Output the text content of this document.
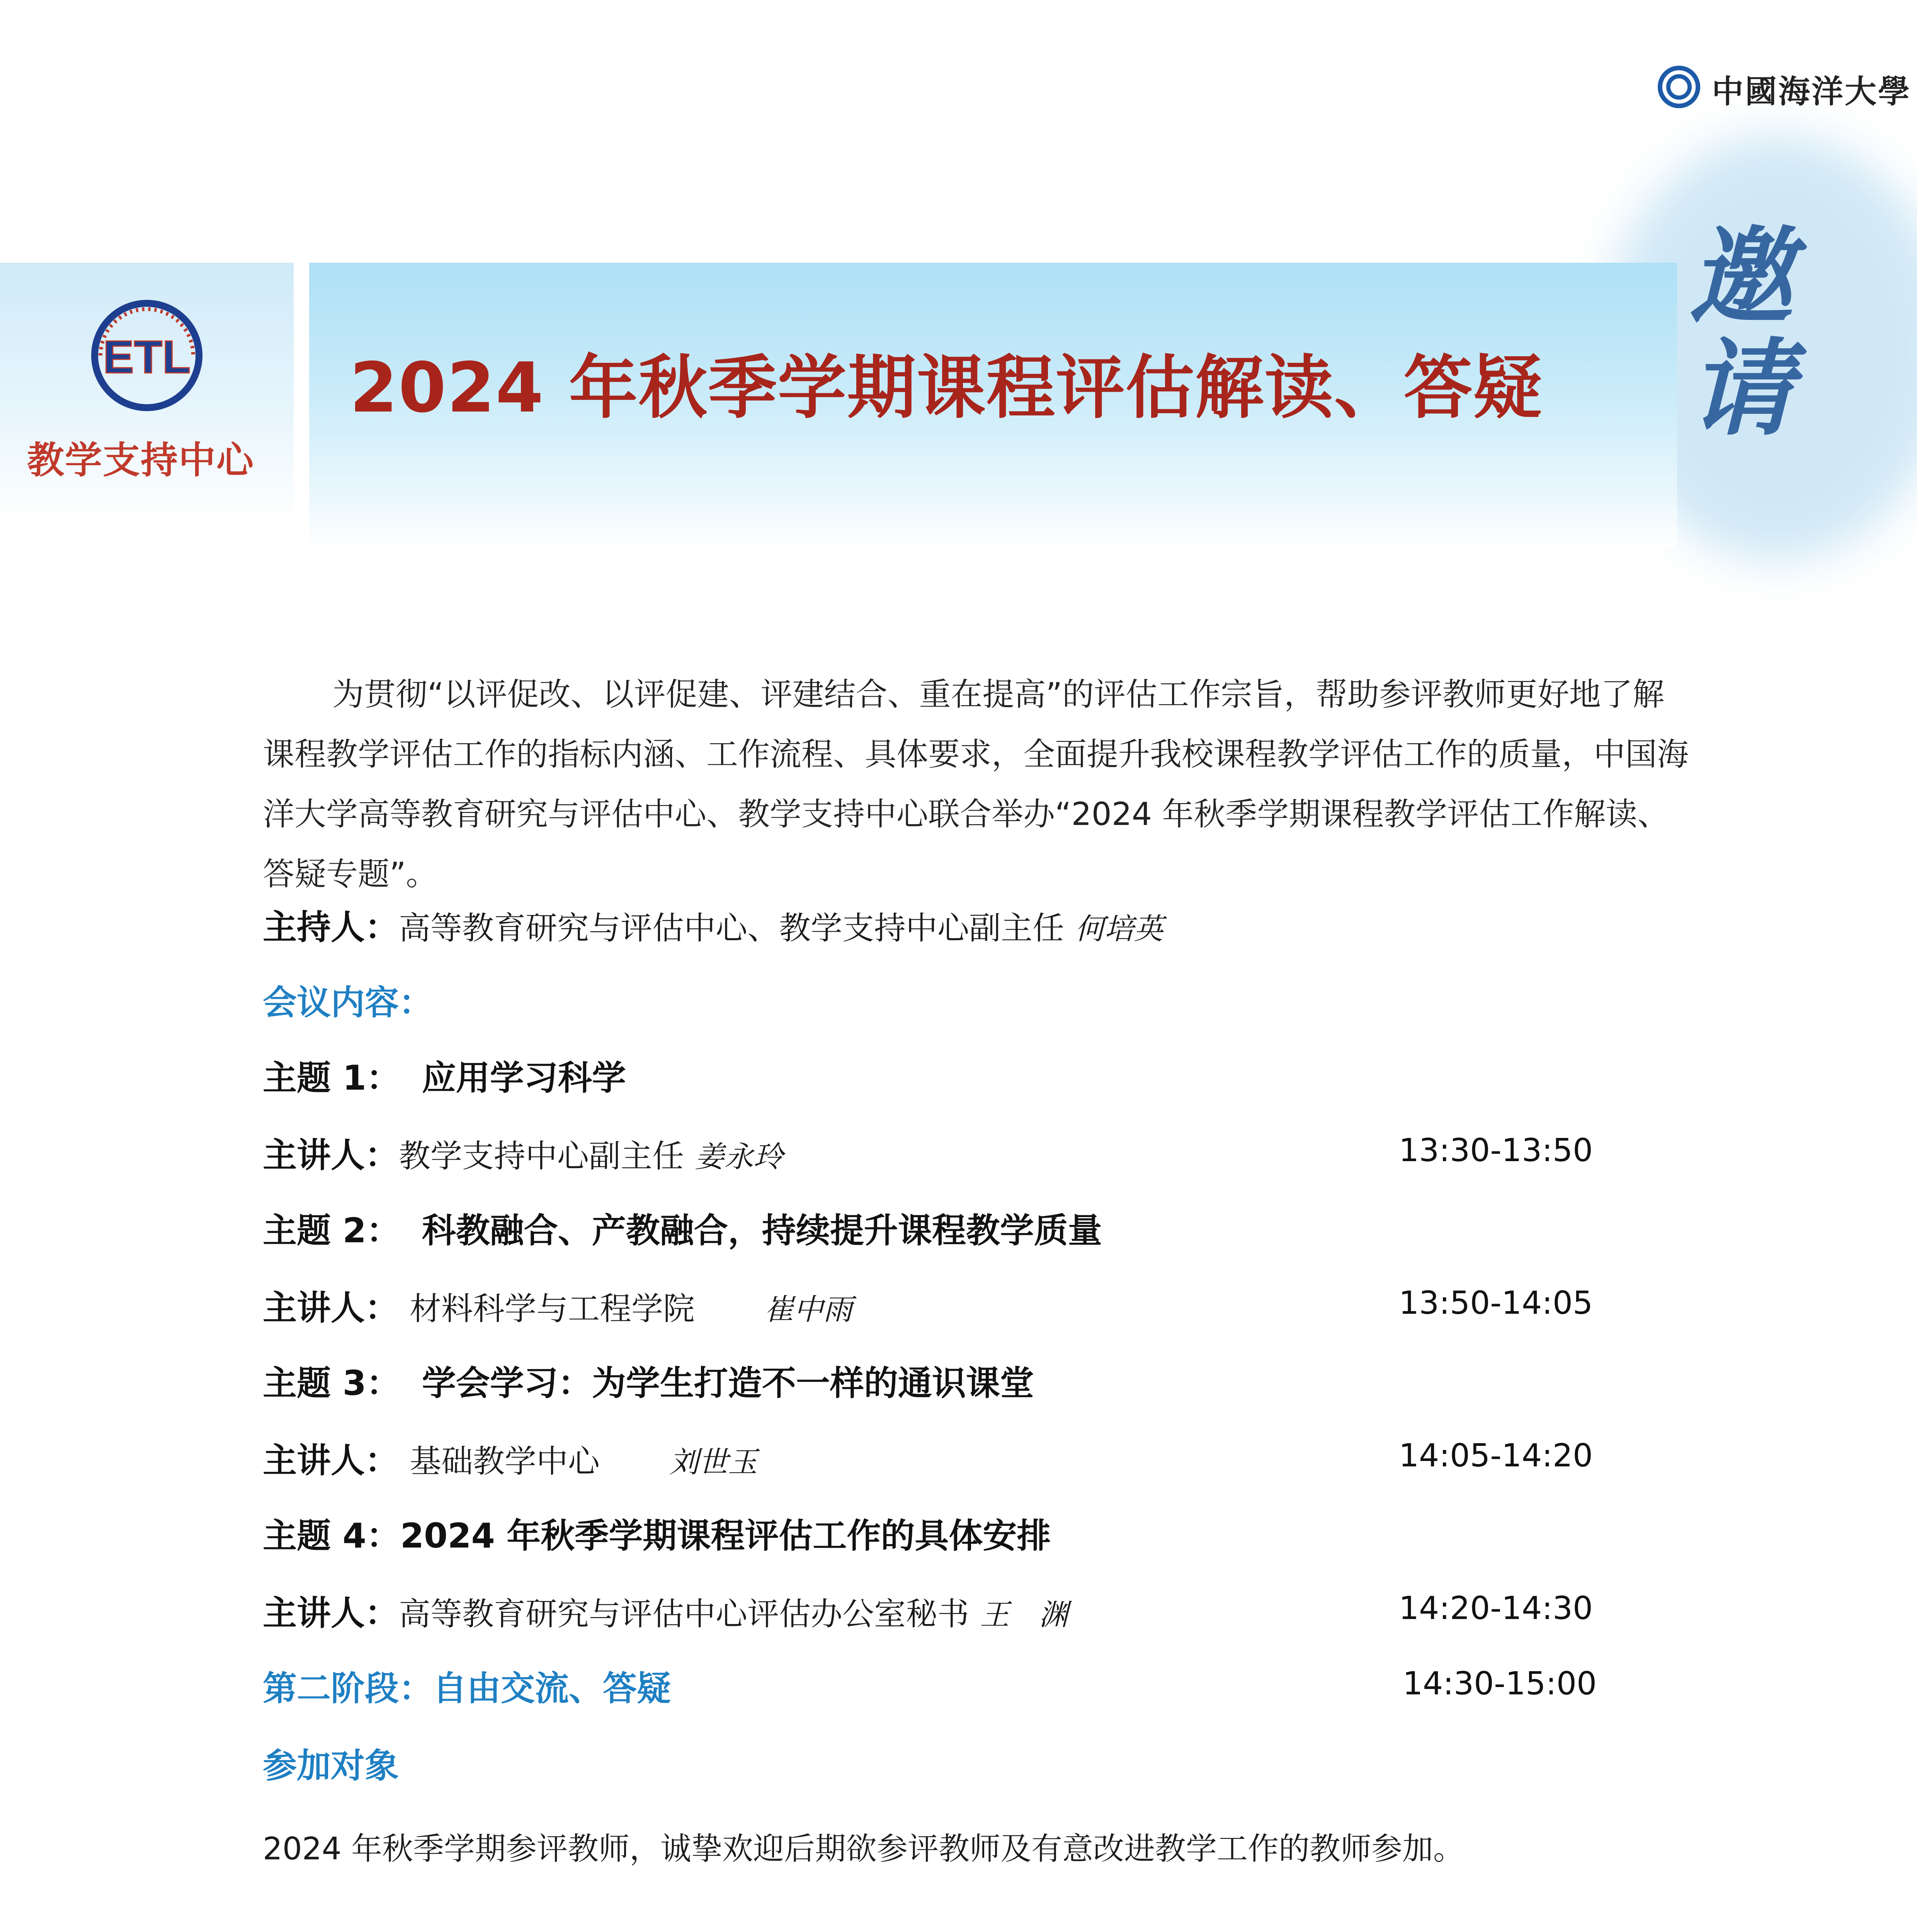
中國海洋大學
ETL
教学支持中心
2024 年秋季学期课程评估解读、答疑
邀请
为贯彻“以评促改、以评促建、评建结合、重在提高”的评估工作宗旨，帮助参评教师更好地了解课程教学评估工作的指标内涵、工作流程、具体要求，全面提升我校课程教学评估工作的质量，中国海洋大学高等教育研究与评估中心、教学支持中心联合举办“2024 年秋季学期课程教学评估工作解读、答疑专题”。
主持人：高等教育研究与评估中心、教学支持中心副主任 何培英
会议内容：
主题 1： 应用学习科学
主讲人：教学支持中心副主任 姜永玲	13:30-13:50
主题 2： 科教融合、产教融合，持续提升课程教学质量
主讲人： 材料科学与工程学院 崔中雨	13:50-14:05
主题 3： 学会学习：为学生打造不一样的通识课堂
主讲人： 基础教学中心 刘世玉	14:05-14:20
主题 4：2024 年秋季学期课程评估工作的具体安排
主讲人：高等教育研究与评估中心评估办公室秘书 王　渊	14:20-14:30
第二阶段：自由交流、答疑	14:30-15:00
参加对象
2024 年秋季学期参评教师，诚挚欢迎后期欲参评教师及有意改进教学工作的教师参加。
